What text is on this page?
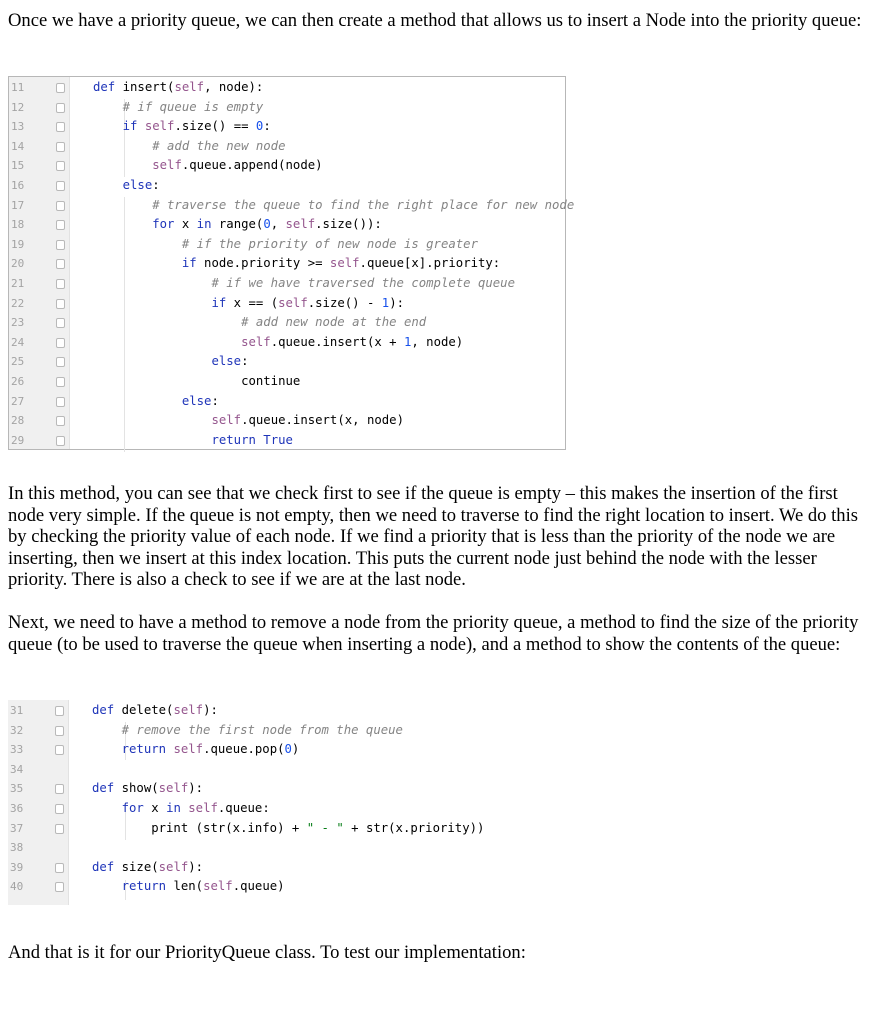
Once we have a priority queue, we can then create a method that allows us to insert a Node into the priority queue:

11	def insert(self, node):
12	# if queue is empty
13	if self.size() == 0:
14	# add the new node
15	self.queue.append(node)
16	else:
17	# traverse the queue to find the right place for new node
18	for x in range(0, self.size()):
19	# if the priority of new node is greater
20	if node.priority >= self.queue[x].priority:
21	# if we have traversed the complete queue
22	if x == (self.size() - 1):
23	# add new node at the end
24	self.queue.insert(x + 1, node)
25	else:
26	continue
27	else:
28	self.queue.insert(x, node)
29	return True

In this method, you can see that we check first to see if the queue is empty – this makes the insertion of the first node very simple. If the queue is not empty, then we need to traverse to find the right location to insert. We do this by checking the priority value of each node. If we find a priority that is less than the priority of the node we are inserting, then we insert at this index location. This puts the current node just behind the node with the lesser priority. There is also a check to see if we are at the last node.

Next, we need to have a method to remove a node from the priority queue, a method to find the size of the priority queue (to be used to traverse the queue when inserting a node), and a method to show the contents of the queue:

31	def delete(self):
32	# remove the first node from the queue
33	return self.queue.pop(0)
34
35	def show(self):
36	for x in self.queue:
37	print (str(x.info) + " - " + str(x.priority))
38
39	def size(self):
40	return len(self.queue)

And that is it for our PriorityQueue class. To test our implementation:
